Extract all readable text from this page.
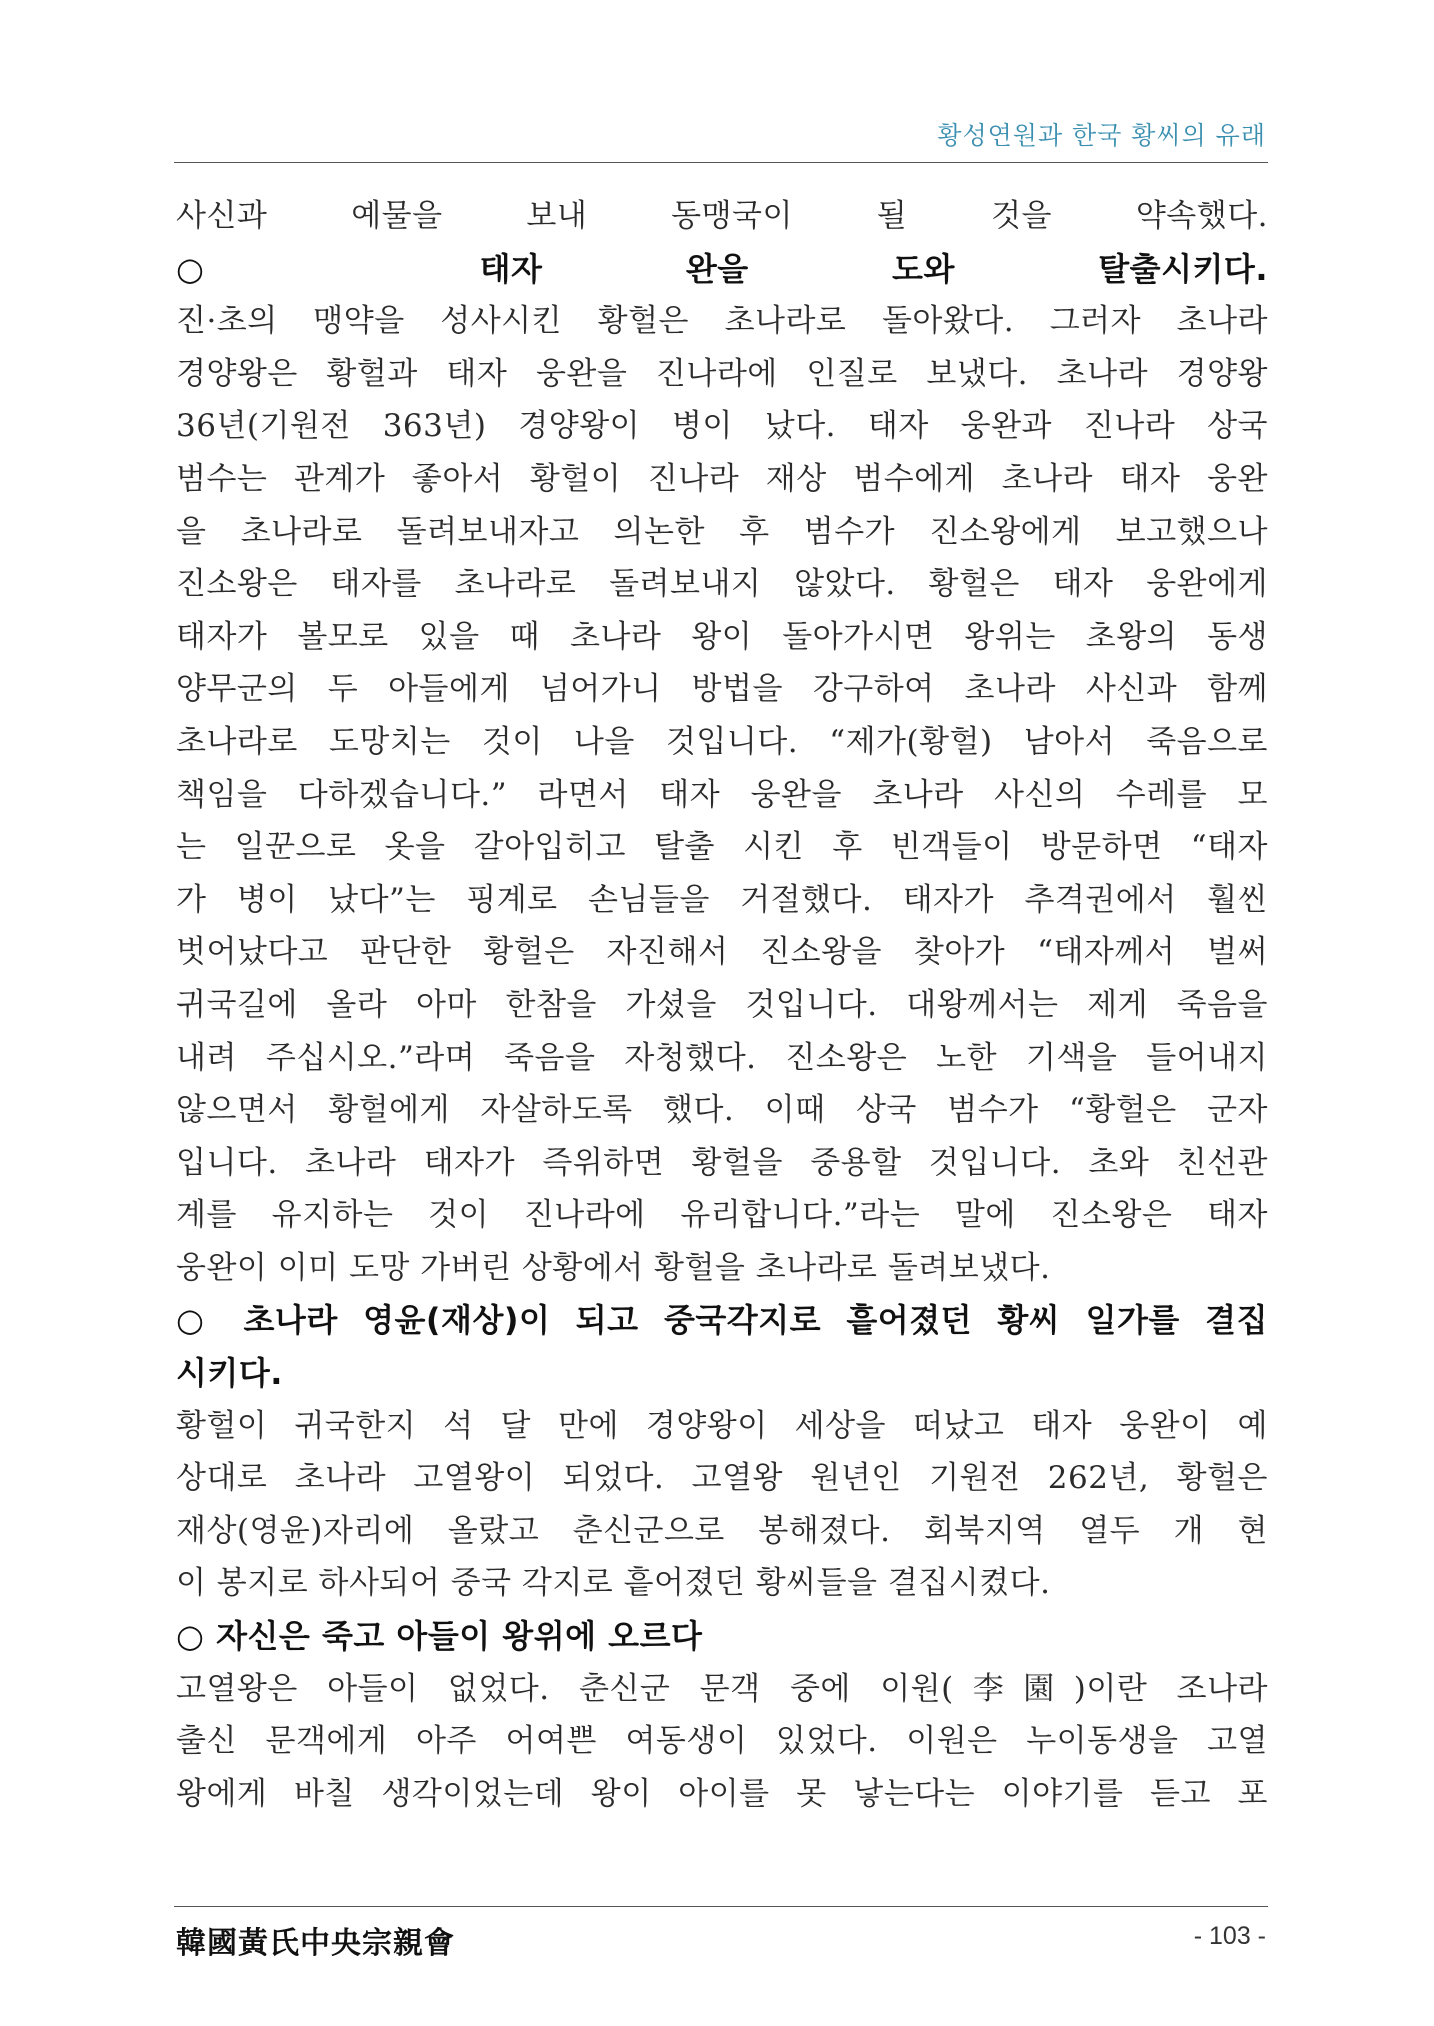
황성연원과 한국 황씨의 유래
사신과 예물을 보내 동맹국이 될 것을 약속했다.
○ 태자 완을 도와 탈출시키다.
진·초의 맹약을 성사시킨 황헐은 초나라로 돌아왔다. 그러자 초나라
경양왕은 황헐과 태자 웅완을 진나라에 인질로 보냈다. 초나라 경양왕
36년(기원전 363년) 경양왕이 병이 났다. 태자 웅완과 진나라 상국
범수는 관계가 좋아서 황헐이 진나라 재상 범수에게 초나라 태자 웅완
을 초나라로 돌려보내자고 의논한 후 범수가 진소왕에게 보고했으나
진소왕은 태자를 초나라로 돌려보내지 않았다. 황헐은 태자 웅완에게
태자가 볼모로 있을 때 초나라 왕이 돌아가시면 왕위는 초왕의 동생
양무군의 두 아들에게 넘어가니 방법을 강구하여 초나라 사신과 함께
초나라로 도망치는 것이 나을 것입니다. “제가(황헐) 남아서 죽음으로
책임을 다하겠습니다.” 라면서 태자 웅완을 초나라 사신의 수레를 모
는 일꾼으로 옷을 갈아입히고 탈출 시킨 후 빈객들이 방문하면 “태자
가 병이 났다”는 핑계로 손님들을 거절했다. 태자가 추격권에서 훨씬
벗어났다고 판단한 황헐은 자진해서 진소왕을 찾아가 “태자께서 벌써
귀국길에 올라 아마 한참을 가셨을 것입니다. 대왕께서는 제게 죽음을
내려 주십시오.”라며 죽음을 자청했다. 진소왕은 노한 기색을 들어내지
않으면서 황헐에게 자살하도록 했다. 이때 상국 범수가 “황헐은 군자
입니다. 초나라 태자가 즉위하면 황헐을 중용할 것입니다. 초와 친선관
계를 유지하는 것이 진나라에 유리합니다.”라는 말에 진소왕은 태자
웅완이 이미 도망 가버린 상황에서 황헐을 초나라로 돌려보냈다.
○ 초나라 영윤(재상)이 되고 중국각지로 흩어졌던 황씨 일가를 결집
시키다.
황헐이 귀국한지 석 달 만에 경양왕이 세상을 떠났고 태자 웅완이 예
상대로 초나라 고열왕이 되었다. 고열왕 원년인 기원전 262년, 황헐은
재상(영윤)자리에 올랐고 춘신군으로 봉해졌다. 회북지역 열두 개 현
이 봉지로 하사되어 중국 각지로 흩어졌던 황씨들을 결집시켰다.
○ 자신은 죽고 아들이 왕위에 오르다
고열왕은 아들이 없었다. 춘신군 문객 중에 이원(李園)이란 조나라
출신 문객에게 아주 어여쁜 여동생이 있었다. 이원은 누이동생을 고열
왕에게 바칠 생각이었는데 왕이 아이를 못 낳는다는 이야기를 듣고 포
韓國黃氏中央宗親會	- 103 -
